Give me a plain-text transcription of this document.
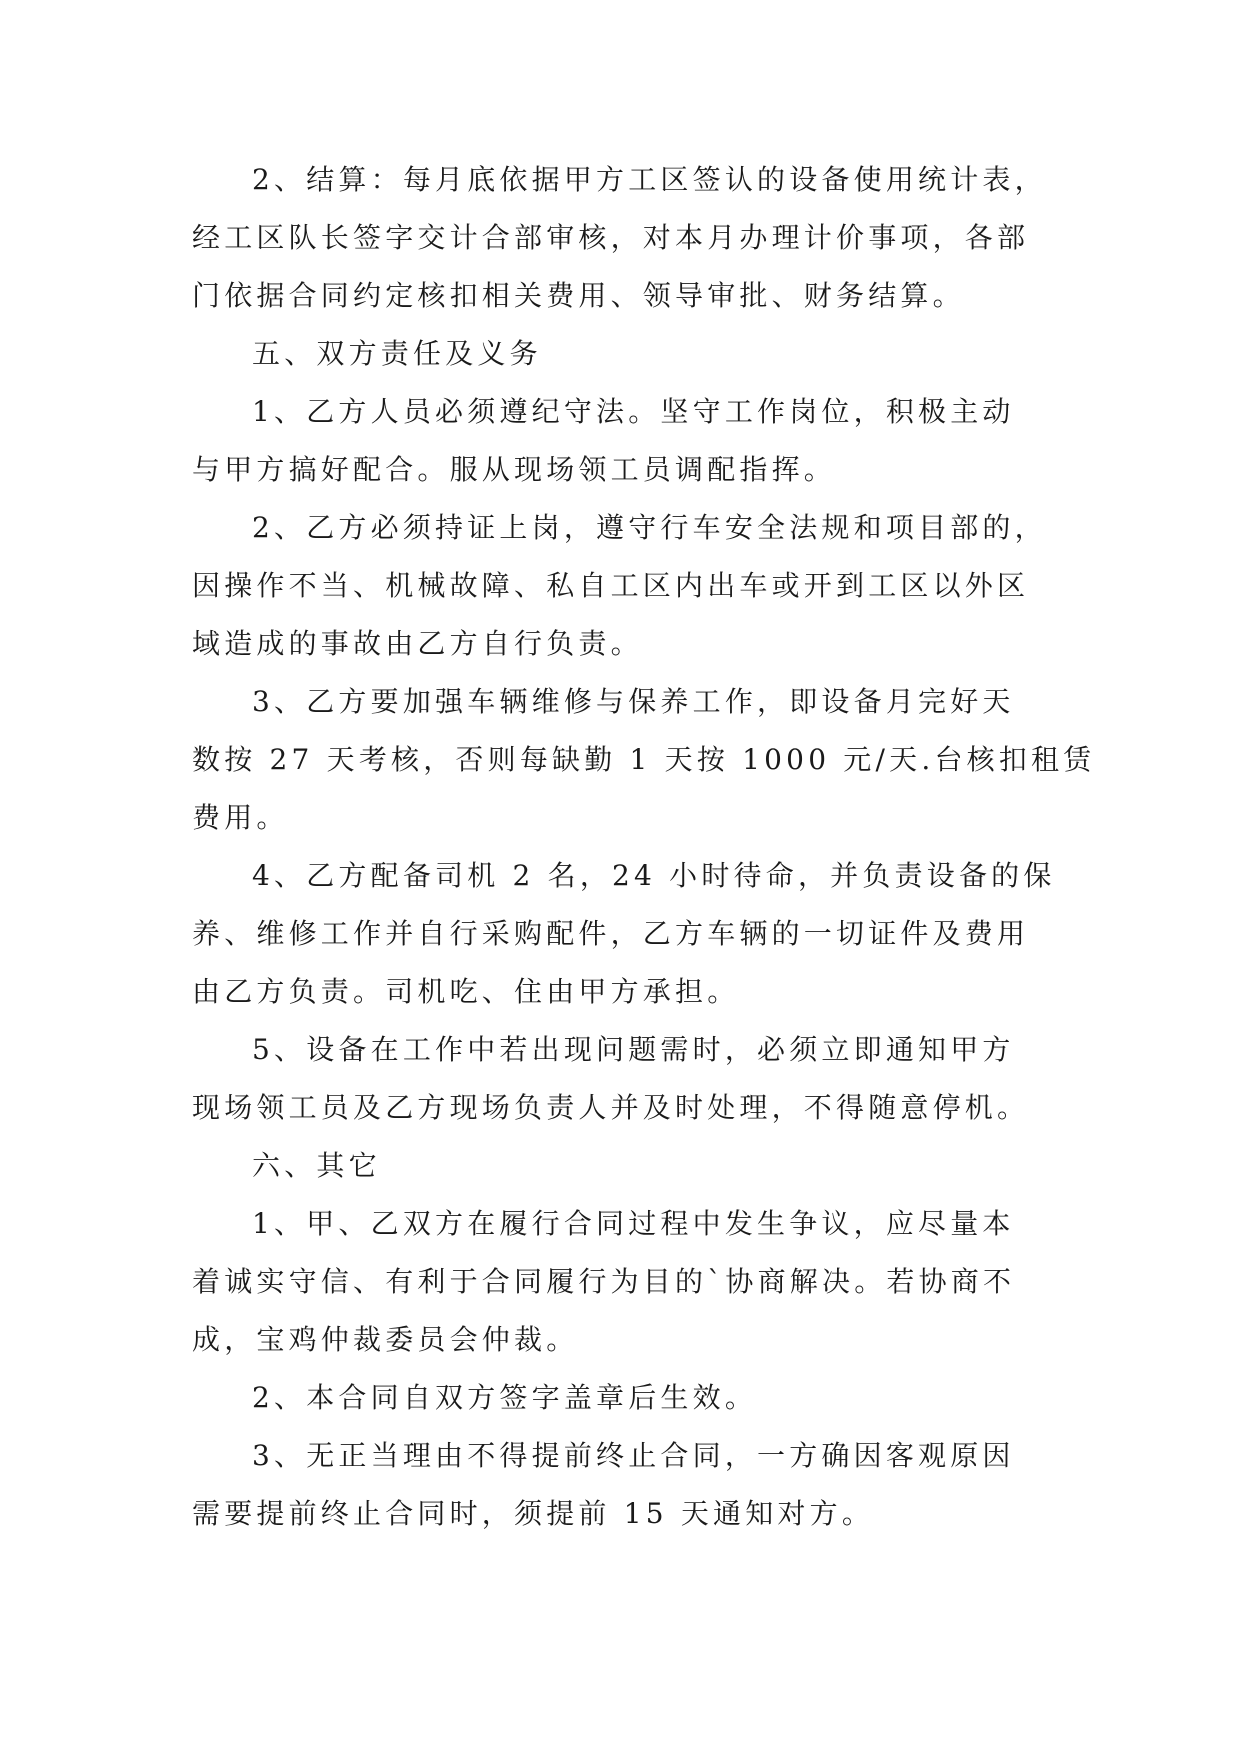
2、结算：每月底依据甲方工区签认的设备使用统计表，
经工区队长签字交计合部审核，对本月办理计价事项，各部
门依据合同约定核扣相关费用、领导审批、财务结算。
五、双方责任及义务
1、乙方人员必须遵纪守法。坚守工作岗位，积极主动
与甲方搞好配合。服从现场领工员调配指挥。
2、乙方必须持证上岗，遵守行车安全法规和项目部的，
因操作不当、机械故障、私自工区内出车或开到工区以外区
域造成的事故由乙方自行负责。
3、乙方要加强车辆维修与保养工作，即设备月完好天
数按 27 天考核，否则每缺勤 1 天按 1000 元/天.台核扣租赁
费用。
4、乙方配备司机 2 名，24 小时待命，并负责设备的保
养、维修工作并自行采购配件，乙方车辆的一切证件及费用
由乙方负责。司机吃、住由甲方承担。
5、设备在工作中若出现问题需时，必须立即通知甲方
现场领工员及乙方现场负责人并及时处理，不得随意停机。
六、其它
1、甲、乙双方在履行合同过程中发生争议，应尽量本
着诚实守信、有利于合同履行为目的`协商解决。若协商不
成，宝鸡仲裁委员会仲裁。
2、本合同自双方签字盖章后生效。
3、无正当理由不得提前终止合同，一方确因客观原因
需要提前终止合同时，须提前 15 天通知对方。
